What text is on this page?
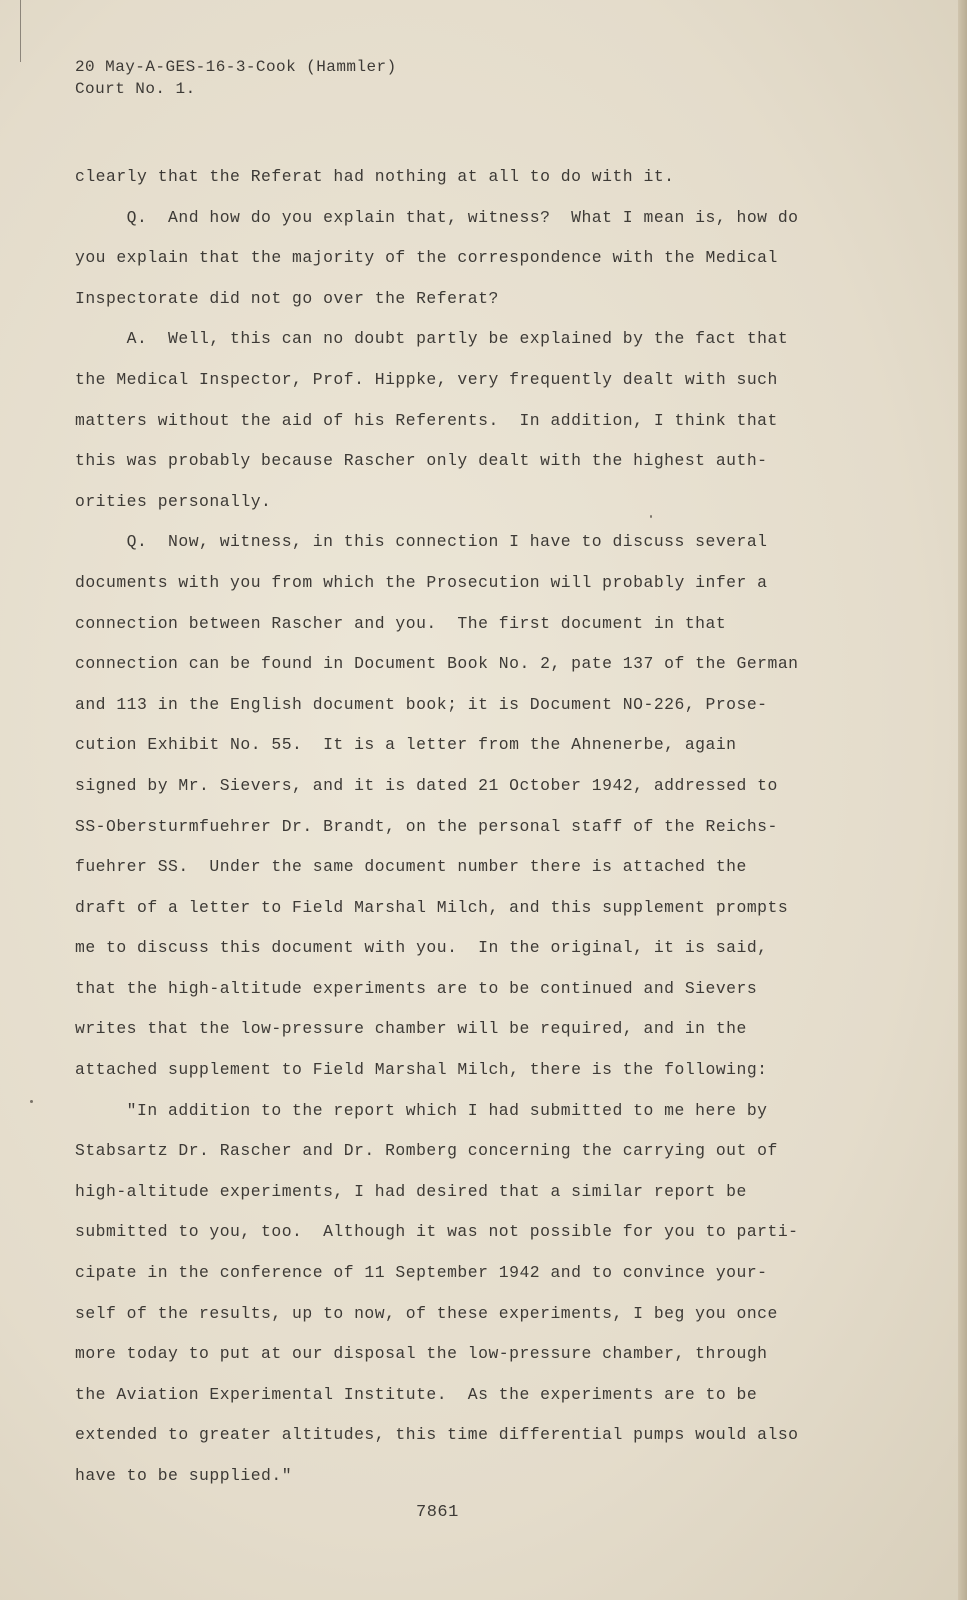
20 May-A-GES-16-3-Cook (Hammler)
Court No. 1.
clearly that the Referat had nothing at all to do with it.
Q.  And how do you explain that, witness?  What I mean is, how do
you explain that the majority of the correspondence with the Medical
Inspectorate did not go over the Referat?
A.  Well, this can no doubt partly be explained by the fact that
the Medical Inspector, Prof. Hippke, very frequently dealt with such
matters without the aid of his Referents.  In addition, I think that
this was probably because Rascher only dealt with the highest auth-
orities personally.
Q.  Now, witness, in this connection I have to discuss several
documents with you from which the Prosecution will probably infer a
connection between Rascher and you.  The first document in that
connection can be found in Document Book No. 2, pate 137 of the German
and 113 in the English document book; it is Document NO-226, Prose-
cution Exhibit No. 55.  It is a letter from the Ahnenerbe, again
signed by Mr. Sievers, and it is dated 21 October 1942, addressed to
SS-Obersturmfuehrer Dr. Brandt, on the personal staff of the Reichs-
fuehrer SS.  Under the same document number there is attached the
draft of a letter to Field Marshal Milch, and this supplement prompts
me to discuss this document with you.  In the original, it is said,
that the high-altitude experiments are to be continued and Sievers
writes that the low-pressure chamber will be required, and in the
attached supplement to Field Marshal Milch, there is the following:
"In addition to the report which I had submitted to me here by
Stabsartz Dr. Rascher and Dr. Romberg concerning the carrying out of
high-altitude experiments, I had desired that a similar report be
submitted to you, too.  Although it was not possible for you to parti-
cipate in the conference of 11 September 1942 and to convince your-
self of the results, up to now, of these experiments, I beg you once
more today to put at our disposal the low-pressure chamber, through
the Aviation Experimental Institute.  As the experiments are to be
extended to greater altitudes, this time differential pumps would also
have to be supplied."
7861
